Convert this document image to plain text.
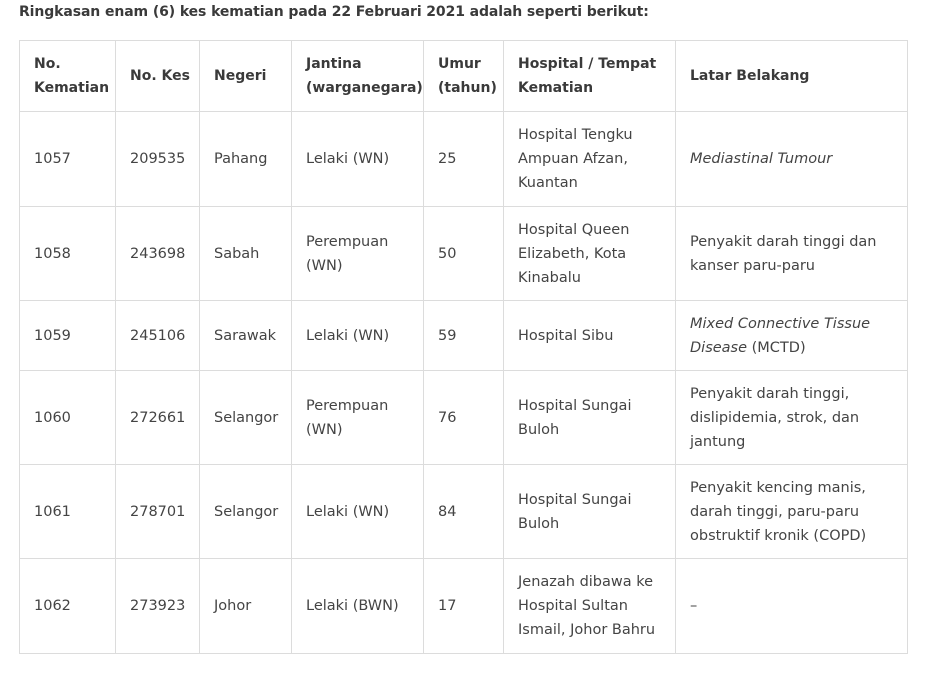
Ringkasan enam (6) kes kematian pada 22 Februari 2021 adalah seperti berikut:
No. Kematian	No. Kes	Negeri	Jantina (warganegara)	Umur (tahun)	Hospital / Tempat Kematian	Latar Belakang
1057	209535	Pahang	Lelaki (WN)	25	Hospital Tengku Ampuan Afzan, Kuantan	Mediastinal Tumour
1058	243698	Sabah	Perempuan (WN)	50	Hospital Queen Elizabeth, Kota Kinabalu	Penyakit darah tinggi dan kanser paru-paru
1059	245106	Sarawak	Lelaki (WN)	59	Hospital Sibu	Mixed Connective Tissue Disease (MCTD)
1060	272661	Selangor	Perempuan (WN)	76	Hospital Sungai Buloh	Penyakit darah tinggi, dislipidemia, strok, dan jantung
1061	278701	Selangor	Lelaki (WN)	84	Hospital Sungai Buloh	Penyakit kencing manis, darah tinggi, paru-paru obstruktif kronik (COPD)
1062	273923	Johor	Lelaki (BWN)	17	Jenazah dibawa ke Hospital Sultan Ismail, Johor Bahru	–
